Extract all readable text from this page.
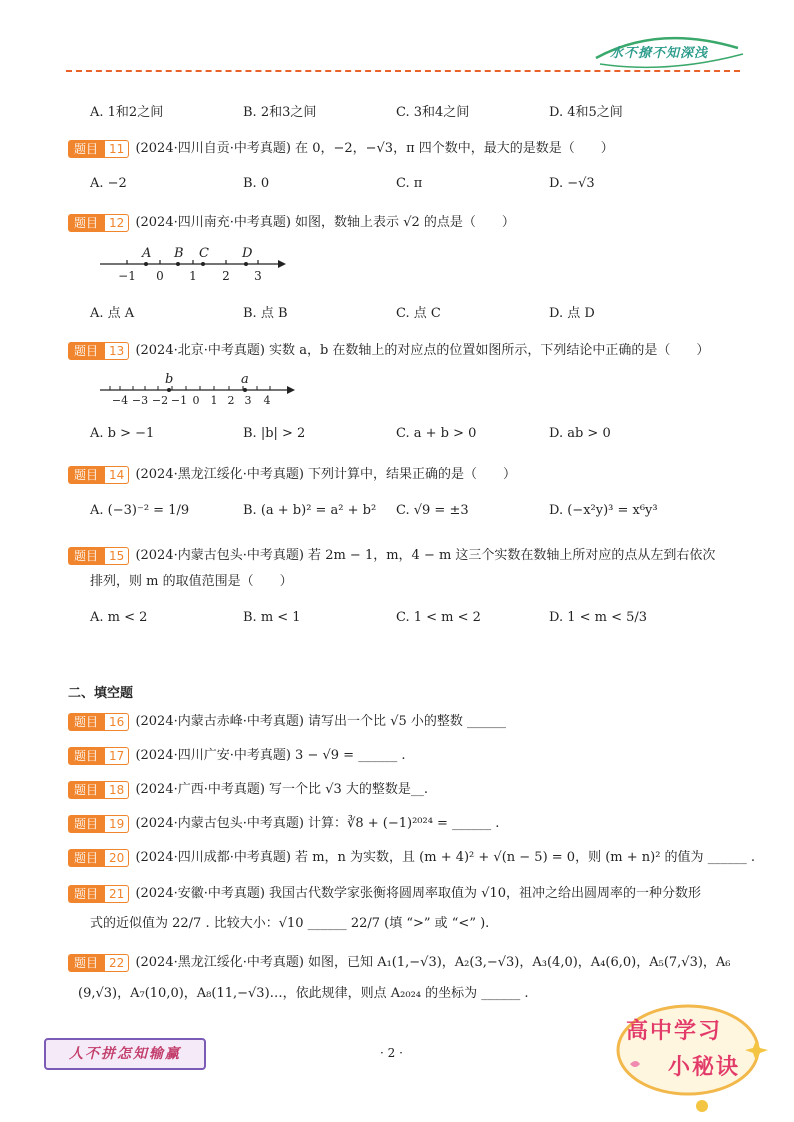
水不撩不知深浅
A. 1和2之间	B. 2和3之间	C. 3和4之间	D. 4和5之间
题目 11 (2024·四川自贡·中考真题) 在 0，−2，−√3，π 四个数中，最大的是数是（　　）
A. −2	B. 0	C. π	D. −√3
题目 12 (2024·四川南充·中考真题) 如图，数轴上表示 √2 的点是（　　）
A B C	D
−1 0 1 2 3
A. 点 A	B. 点 B	C. 点 C	D. 点 D
题目 13 (2024·北京·中考真题) 实数 a，b 在数轴上的对应点的位置如图所示，下列结论中正确的是（　　）
b	a
−4 −3 −2 −1 0 1 2 3 4
A. b > −1	B. |b| > 2	C. a + b > 0	D. ab > 0
题目 14 (2024·黑龙江绥化·中考真题) 下列计算中，结果正确的是（　　）
A. (−3)⁻² = 1/9	B. (a + b)² = a² + b² C. √9 = ±3	D. (−x²y)³ = x⁶y³
题目 15 (2024·内蒙古包头·中考真题) 若 2m − 1，m，4 − m 这三个实数在数轴上所对应的点从左到右依次
排列，则 m 的取值范围是（　　）
A. m < 2	B. m < 1	C. 1 < m < 2	D. 1 < m < 5/3
二、填空题
题目 16 (2024·内蒙古赤峰·中考真题) 请写出一个比 √5 小的整数 ______
题目 17 (2024·四川广安·中考真题) 3 − √9 = ______ .
题目 18 (2024·广西·中考真题) 写一个比 √3 大的整数是__.
题目 19 (2024·内蒙古包头·中考真题) 计算：∛8 + (−1)²⁰²⁴ = ______ .
题目 20 (2024·四川成都·中考真题) 若 m，n 为实数，且 (m + 4)² + √(n − 5) = 0，则 (m + n)² 的值为 ______ .
题目 21 (2024·安徽·中考真题) 我国古代数学家张衡将圆周率取值为 √10，祖冲之给出圆周率的一种分数形
式的近似值为 22/7 . 比较大小：√10 ______ 22/7 (填 “>” 或 “<” ).
题目 22 (2024·黑龙江绥化·中考真题) 如图，已知 A₁(1,−√3)，A₂(3,−√3)，A₃(4,0)，A₄(6,0)，A₅(7,√3)，A₆
(9,√3)，A₇(10,0)，A₈(11,−√3)…，依此规律，则点 A₂₀₂₄ 的坐标为 ______ .
人不拼怎知输赢	· 2 ·
高中学习
小秘诀
